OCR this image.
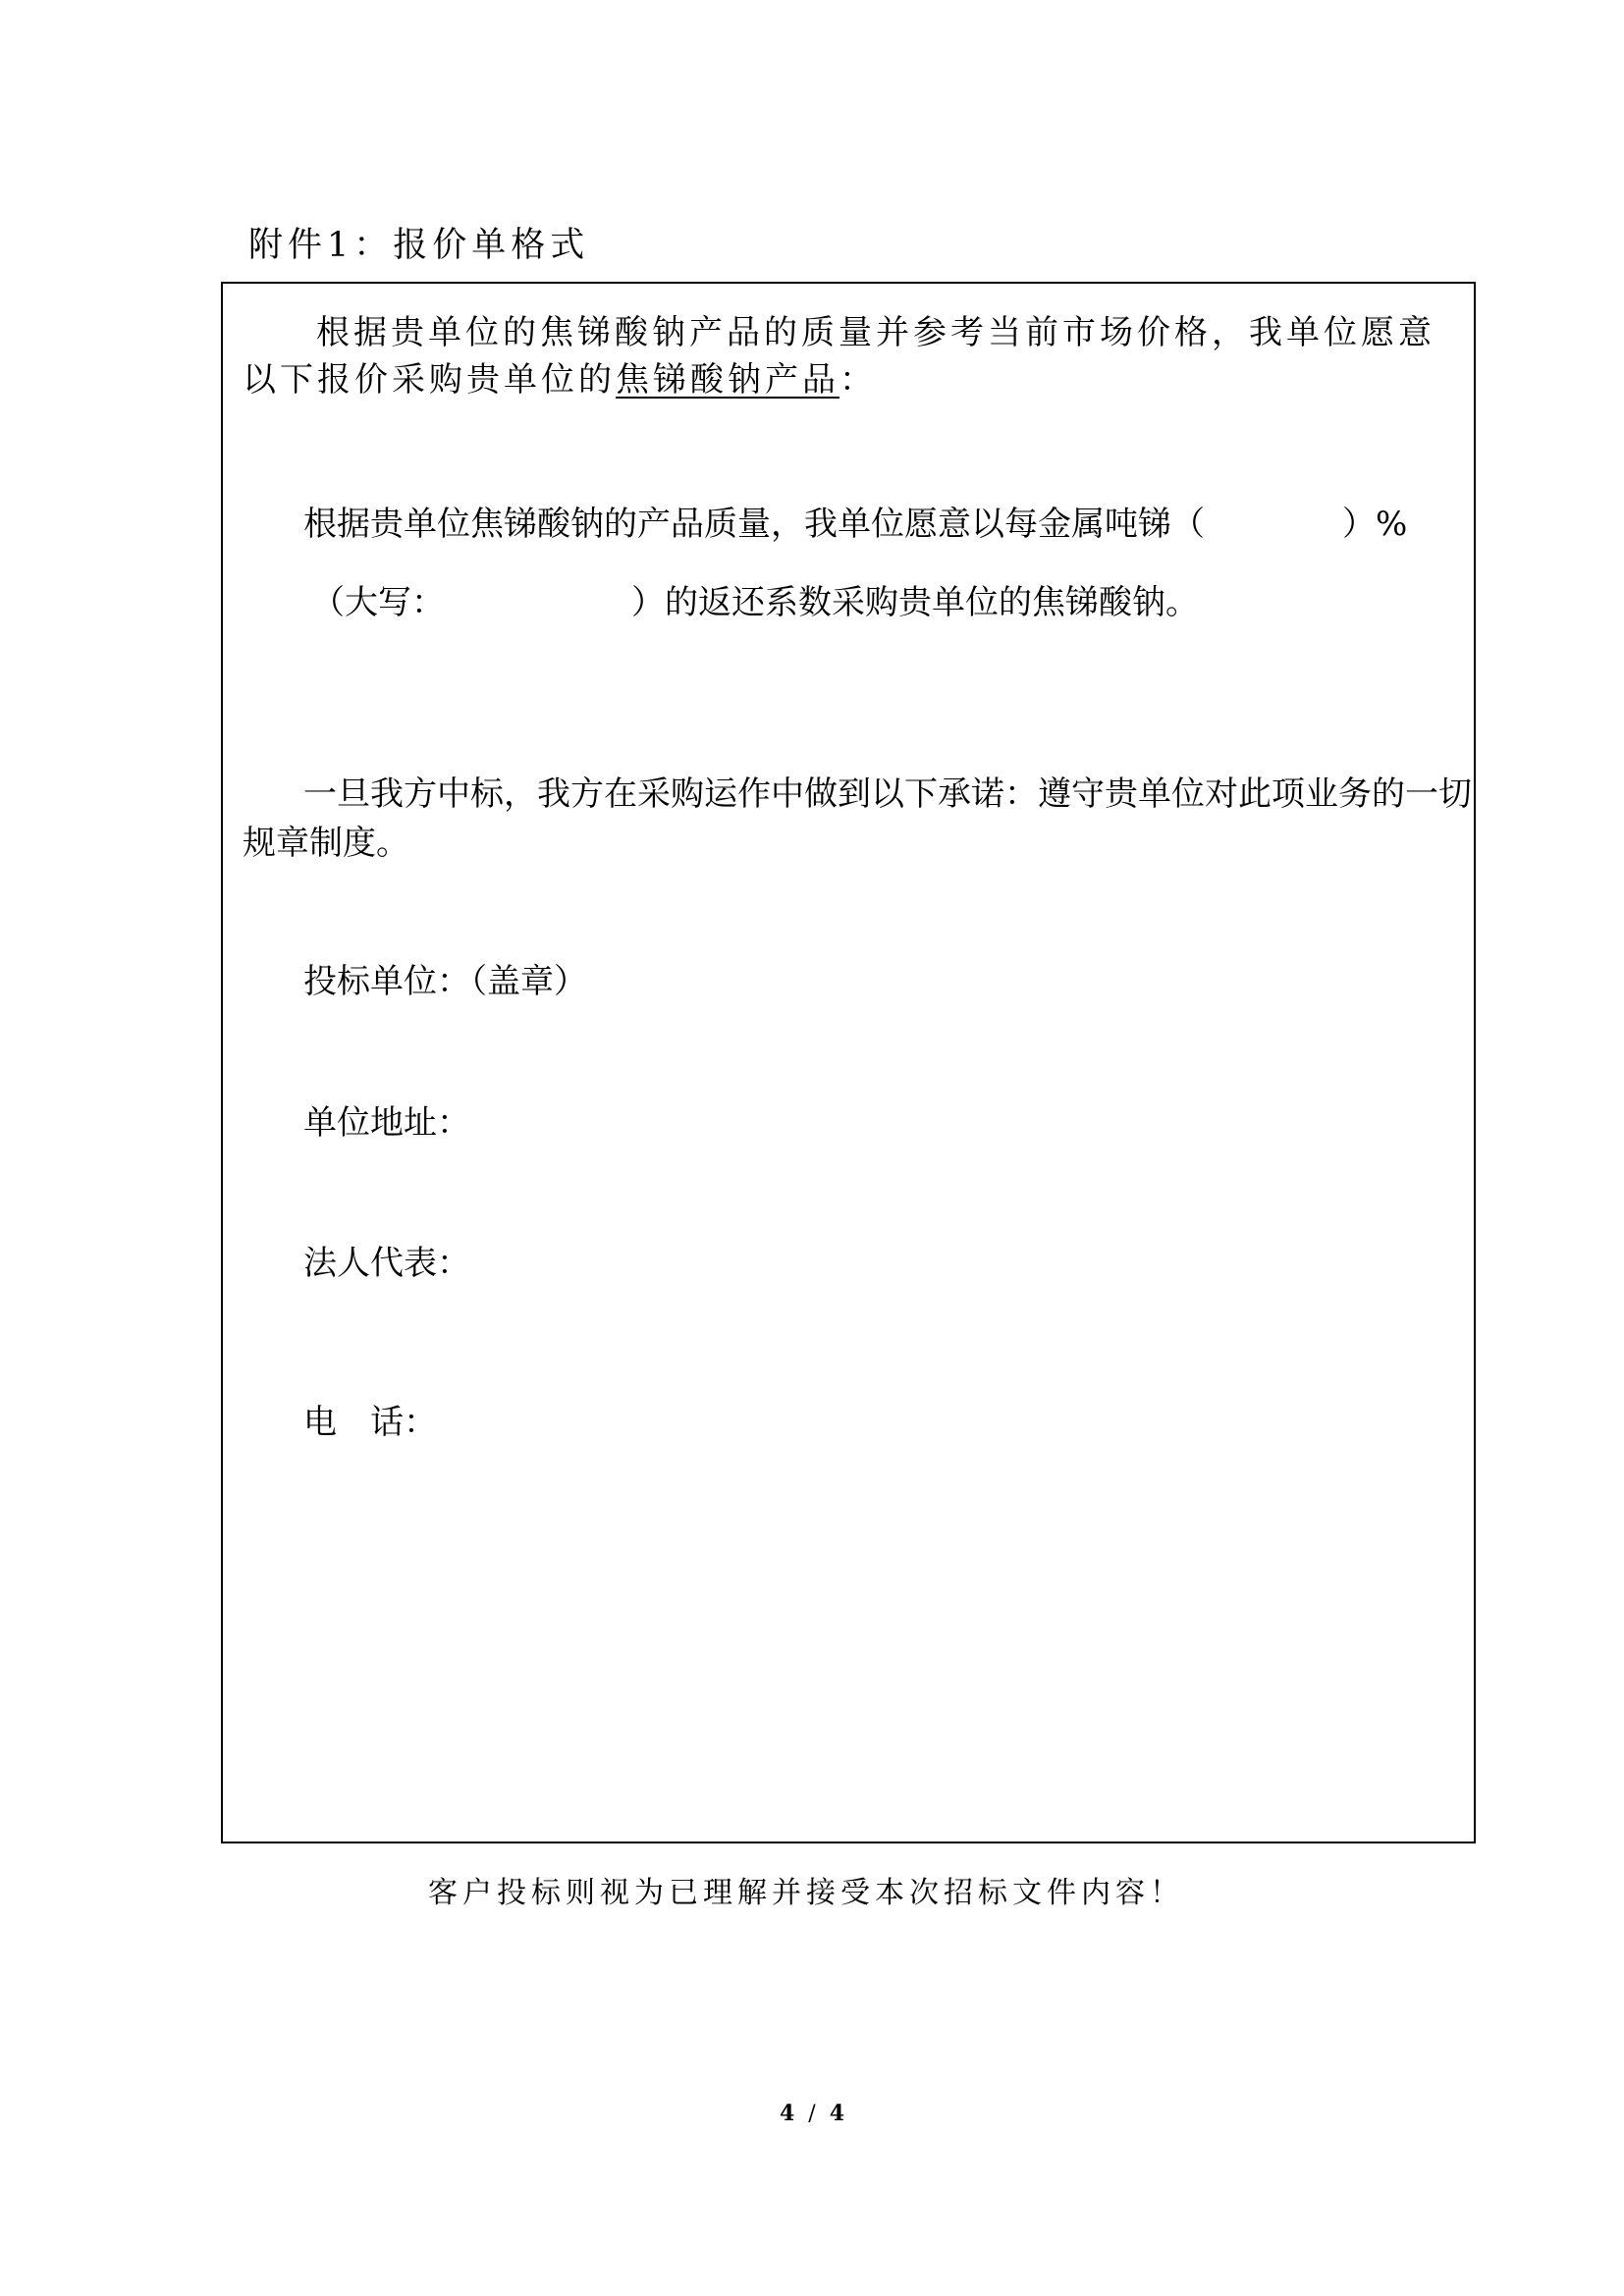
附件1：报价单格式
根据贵单位的焦锑酸钠产品的质量并参考当前市场价格，我单位愿意
以下报价采购贵单位的焦锑酸钠产品：
根据贵单位焦锑酸钠的产品质量，我单位愿意以每金属吨锑（	）%
（大写：	）的返还系数采购贵单位的焦锑酸钠。
一旦我方中标，我方在采购运作中做到以下承诺：遵守贵单位对此项业务的一切
规章制度。
投标单位：（盖章）
单位地址：
法人代表：
电　话：
客户投标则视为已理解并接受本次招标文件内容！
4 / 4
